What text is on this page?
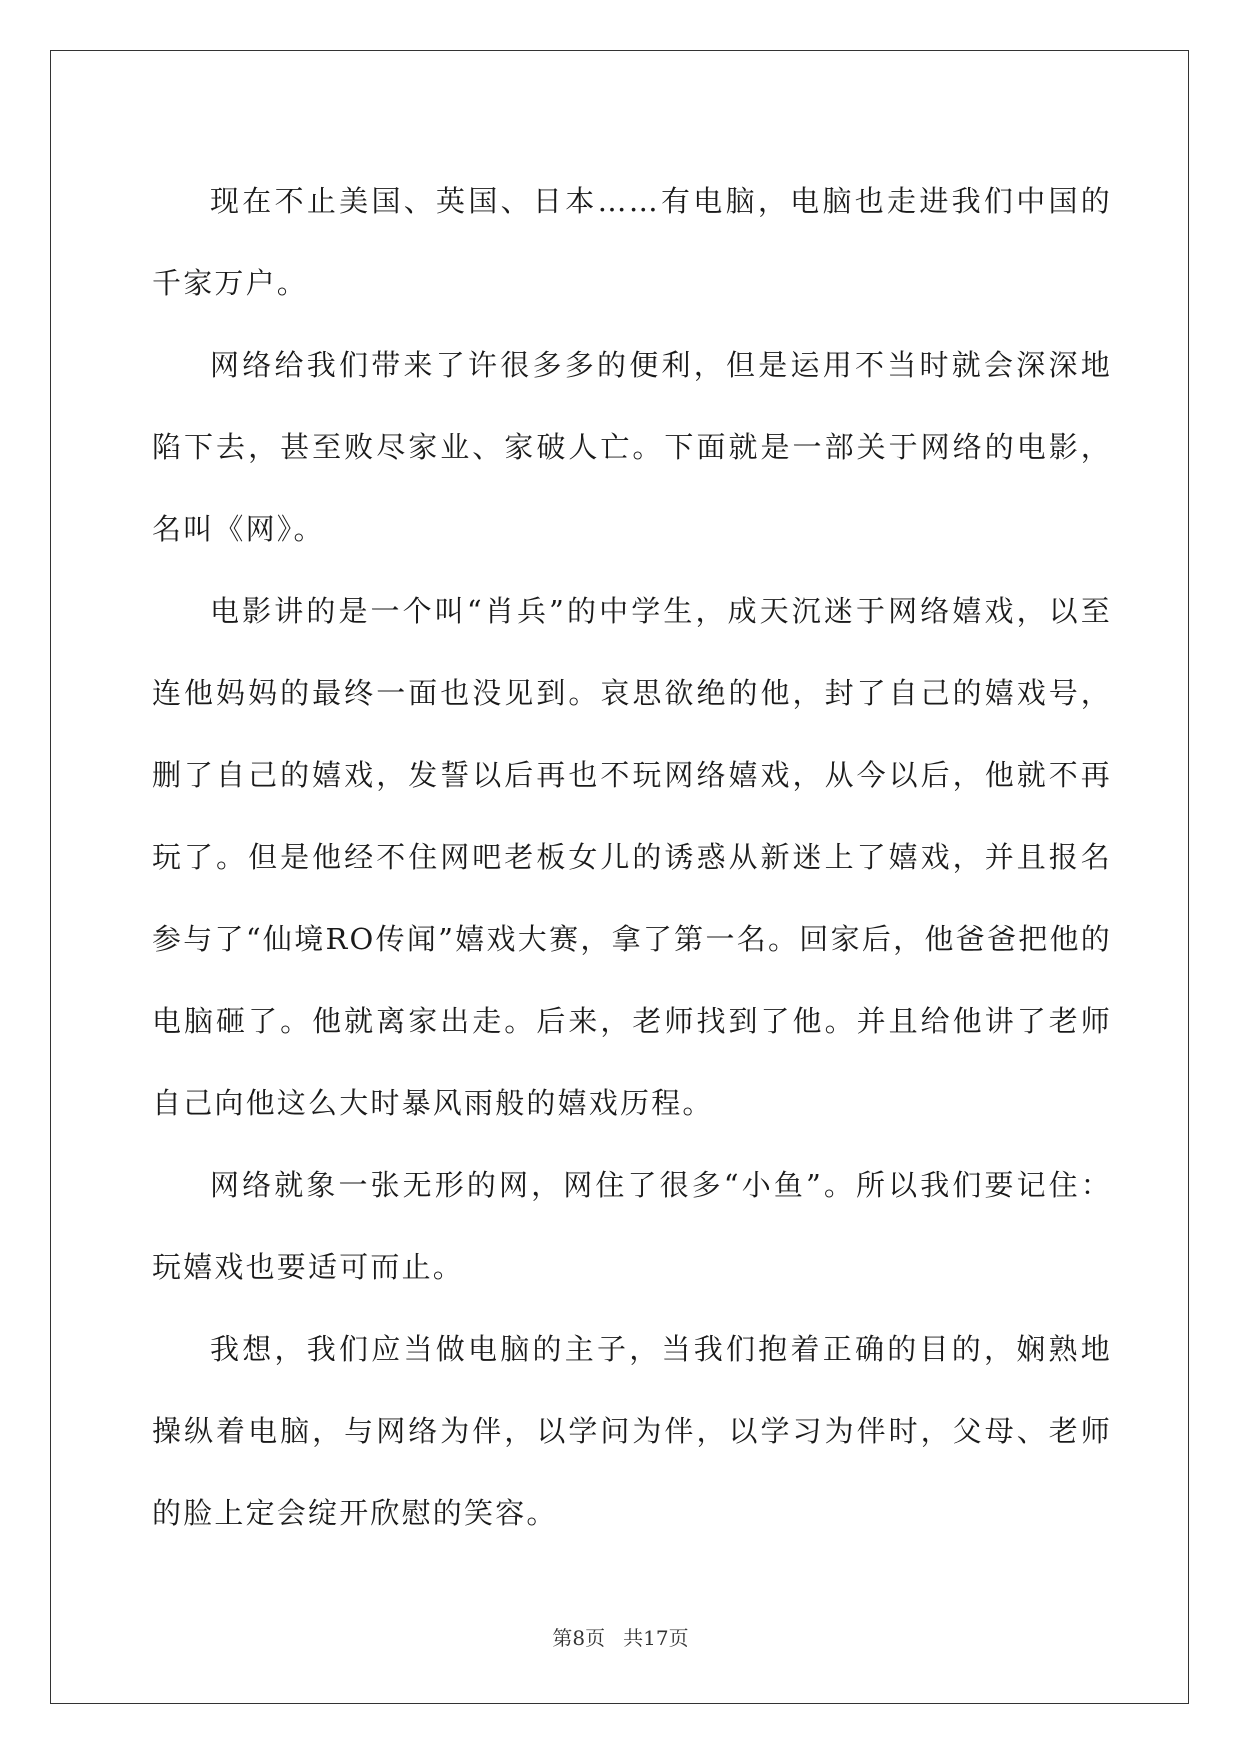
现在不止美国、英国、日本……有电脑，电脑也走进我们中国的千家万户。

网络给我们带来了许很多多的便利，但是运用不当时就会深深地陷下去，甚至败尽家业、家破人亡。下面就是一部关于网络的电影，名叫《网》。

电影讲的是一个叫“肖兵”的中学生，成天沉迷于网络嬉戏，以至连他妈妈的最终一面也没见到。哀思欲绝的他，封了自己的嬉戏号，删了自己的嬉戏，发誓以后再也不玩网络嬉戏，从今以后，他就不再玩了。但是他经不住网吧老板女儿的诱惑从新迷上了嬉戏，并且报名参与了“仙境RO传闻”嬉戏大赛，拿了第一名。回家后，他爸爸把他的电脑砸了。他就离家出走。后来，老师找到了他。并且给他讲了老师自己向他这么大时暴风雨般的嬉戏历程。

网络就象一张无形的网，网住了很多“小鱼”。所以我们要记住：玩嬉戏也要适可而止。

我想，我们应当做电脑的主子，当我们抱着正确的目的，娴熟地操纵着电脑，与网络为伴，以学问为伴，以学习为伴时，父母、老师的脸上定会绽开欣慰的笑容。

第8页 共17页
